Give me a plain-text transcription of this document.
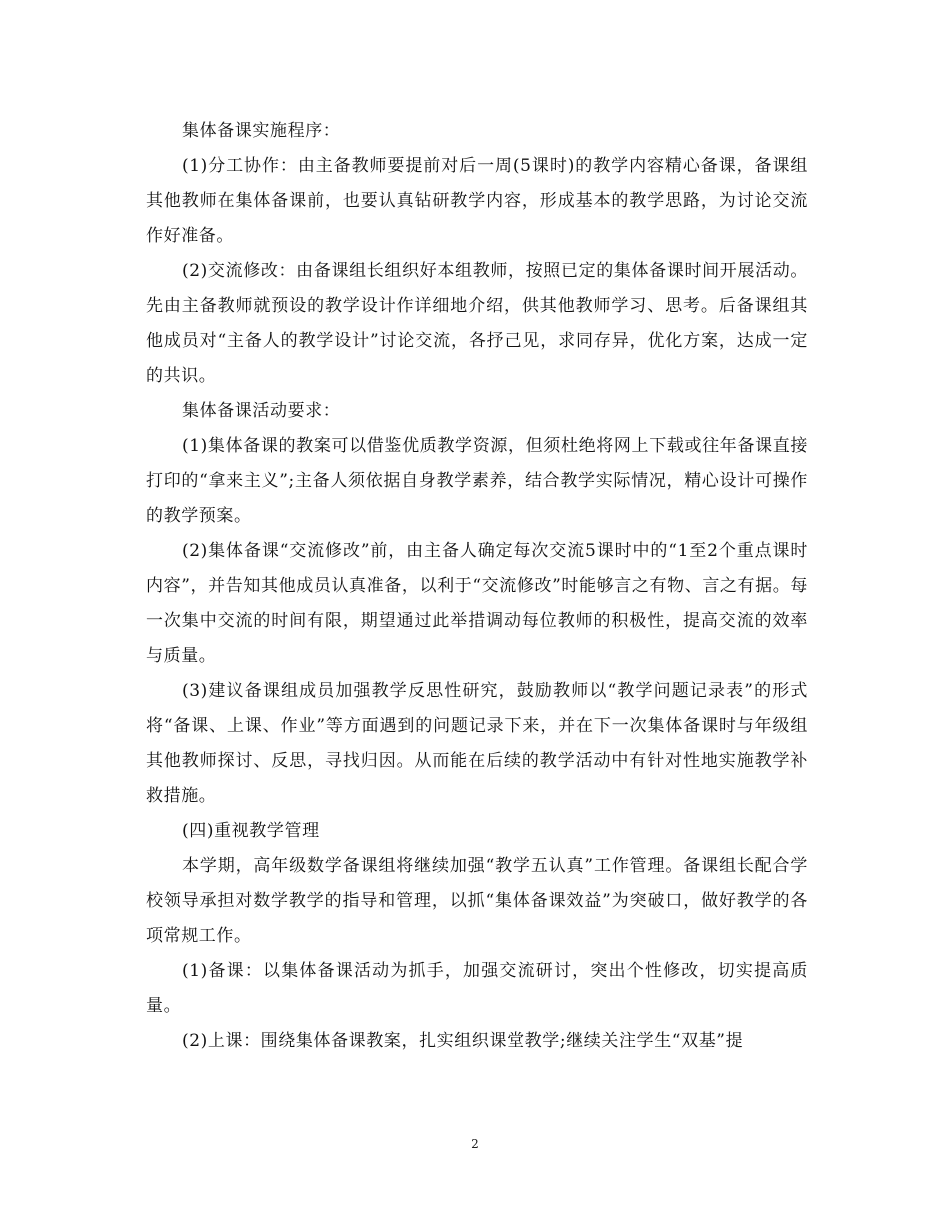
集体备课实施程序：

(1)分工协作：由主备教师要提前对后一周(5课时)的教学内容精心备课，备课组其他教师在集体备课前，也要认真钻研教学内容，形成基本的教学思路，为讨论交流作好准备。

(2)交流修改：由备课组长组织好本组教师，按照已定的集体备课时间开展活动。先由主备教师就预设的教学设计作详细地介绍，供其他教师学习、思考。后备课组其他成员对“主备人的教学设计”讨论交流，各抒己见，求同存异，优化方案，达成一定的共识。

集体备课活动要求：

(1)集体备课的教案可以借鉴优质教学资源，但须杜绝将网上下载或往年备课直接打印的“拿来主义”;主备人须依据自身教学素养，结合教学实际情况，精心设计可操作的教学预案。

(2)集体备课“交流修改”前，由主备人确定每次交流5课时中的“1至2个重点课时内容”，并告知其他成员认真准备，以利于“交流修改”时能够言之有物、言之有据。每一次集中交流的时间有限，期望通过此举措调动每位教师的积极性，提高交流的效率与质量。

(3)建议备课组成员加强教学反思性研究，鼓励教师以“教学问题记录表”的形式将“备课、上课、作业”等方面遇到的问题记录下来，并在下一次集体备课时与年级组其他教师探讨、反思，寻找归因。从而能在后续的教学活动中有针对性地实施教学补救措施。

(四)重视教学管理

本学期，高年级数学备课组将继续加强“教学五认真”工作管理。备课组长配合学校领导承担对数学教学的指导和管理，以抓“集体备课效益”为突破口，做好教学的各项常规工作。

(1)备课：以集体备课活动为抓手，加强交流研讨，突出个性修改，切实提高质量。

(2)上课：围绕集体备课教案，扎实组织课堂教学;继续关注学生“双基”提

2
